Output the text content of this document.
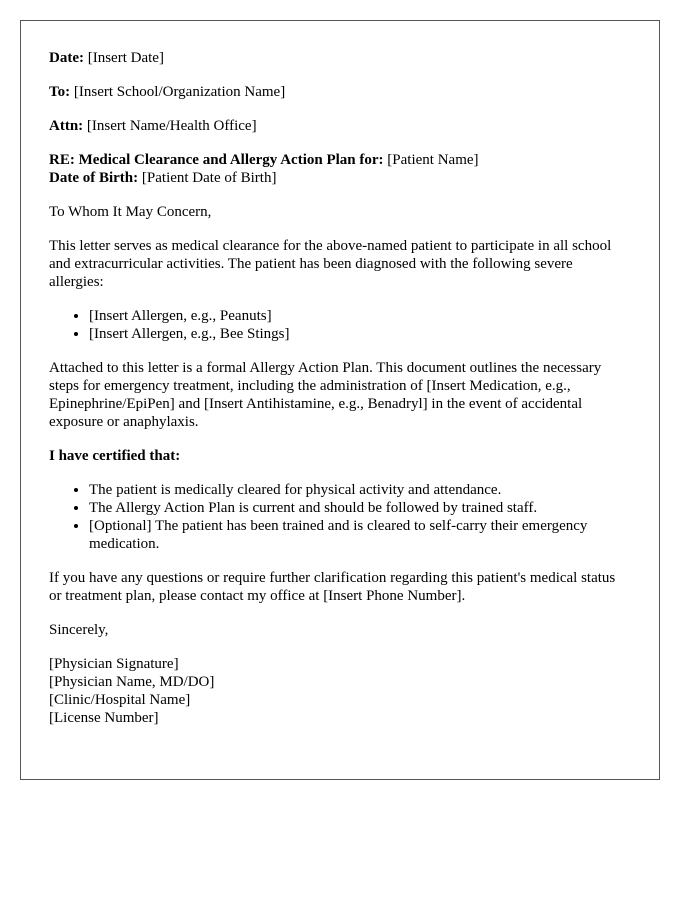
Date: [Insert Date]

To: [Insert School/Organization Name]

Attn: [Insert Name/Health Office]

RE: Medical Clearance and Allergy Action Plan for: [Patient Name]
Date of Birth: [Patient Date of Birth]

To Whom It May Concern,

This letter serves as medical clearance for the above-named patient to participate in all school and extracurricular activities. The patient has been diagnosed with the following severe allergies:

• [Insert Allergen, e.g., Peanuts]
• [Insert Allergen, e.g., Bee Stings]

Attached to this letter is a formal Allergy Action Plan. This document outlines the necessary steps for emergency treatment, including the administration of [Insert Medication, e.g., Epinephrine/EpiPen] and [Insert Antihistamine, e.g., Benadryl] in the event of accidental exposure or anaphylaxis.

I have certified that:

• The patient is medically cleared for physical activity and attendance.
• The Allergy Action Plan is current and should be followed by trained staff.
• [Optional] The patient has been trained and is cleared to self-carry their emergency medication.

If you have any questions or require further clarification regarding this patient's medical status or treatment plan, please contact my office at [Insert Phone Number].

Sincerely,

[Physician Signature]
[Physician Name, MD/DO]
[Clinic/Hospital Name]
[License Number]
